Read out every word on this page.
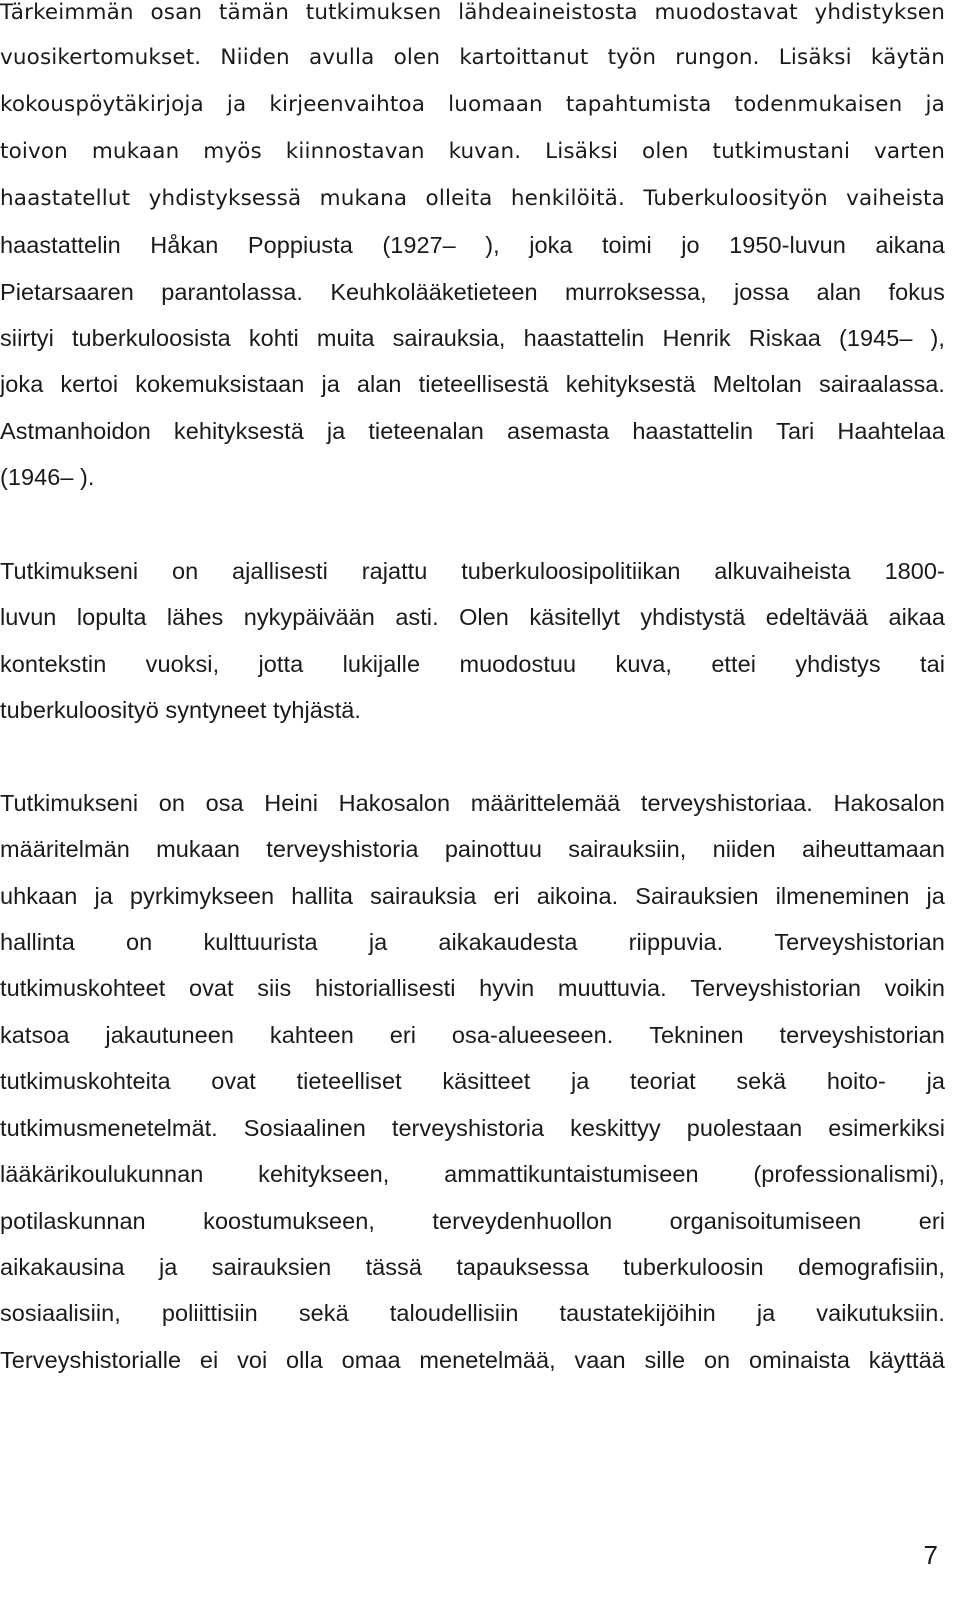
Tärkeimmän osan tämän tutkimuksen lähdeaineistosta muodostavat yhdistyksen
vuosikertomukset. Niiden avulla olen kartoittanut työn rungon. Lisäksi käytän
kokouspöytäkirjoja ja kirjeenvaihtoa luomaan tapahtumista todenmukaisen ja
toivon mukaan myös kiinnostavan kuvan. Lisäksi olen tutkimustani varten
haastatellut yhdistyksessä mukana olleita henkilöitä. Tuberkuloosityön vaiheista
haastattelin Håkan Poppiusta (1927– ), joka toimi jo 1950-luvun aikana
Pietarsaaren parantolassa. Keuhkolääketieteen murroksessa, jossa alan fokus
siirtyi tuberkuloosista kohti muita sairauksia, haastattelin Henrik Riskaa (1945– ),
joka kertoi kokemuksistaan ja alan tieteellisestä kehityksestä Meltolan sairaalassa.
Astmanhoidon kehityksestä ja tieteenalan asemasta haastattelin Tari Haahtelaa
(1946– ).
Tutkimukseni on ajallisesti rajattu tuberkuloosipolitiikan alkuvaiheista 1800-
luvun lopulta lähes nykypäivään asti. Olen käsitellyt yhdistystä edeltävää aikaa
kontekstin vuoksi, jotta lukijalle muodostuu kuva, ettei yhdistys tai
tuberkuloosityö syntyneet tyhjästä.
Tutkimukseni on osa Heini Hakosalon määrittelemää terveyshistoriaa. Hakosalon
määritelmän mukaan terveyshistoria painottuu sairauksiin, niiden aiheuttamaan
uhkaan ja pyrkimykseen hallita sairauksia eri aikoina. Sairauksien ilmeneminen ja
hallinta on kulttuurista ja aikakaudesta riippuvia. Terveyshistorian
tutkimuskohteet ovat siis historiallisesti hyvin muuttuvia. Terveyshistorian voikin
katsoa jakautuneen kahteen eri osa-alueeseen. Tekninen terveyshistorian
tutkimuskohteita ovat tieteelliset käsitteet ja teoriat sekä hoito- ja
tutkimusmenetelmät. Sosiaalinen terveyshistoria keskittyy puolestaan esimerkiksi
lääkärikoulukunnan kehitykseen, ammattikuntaistumiseen (professionalismi),
potilaskunnan koostumukseen, terveydenhuollon organisoitumiseen eri
aikakausina ja sairauksien tässä tapauksessa tuberkuloosin demografisiin,
sosiaalisiin, poliittisiin sekä taloudellisiin taustatekijöihin ja vaikutuksiin.
Terveyshistorialle ei voi olla omaa menetelmää, vaan sille on ominaista käyttää
7
